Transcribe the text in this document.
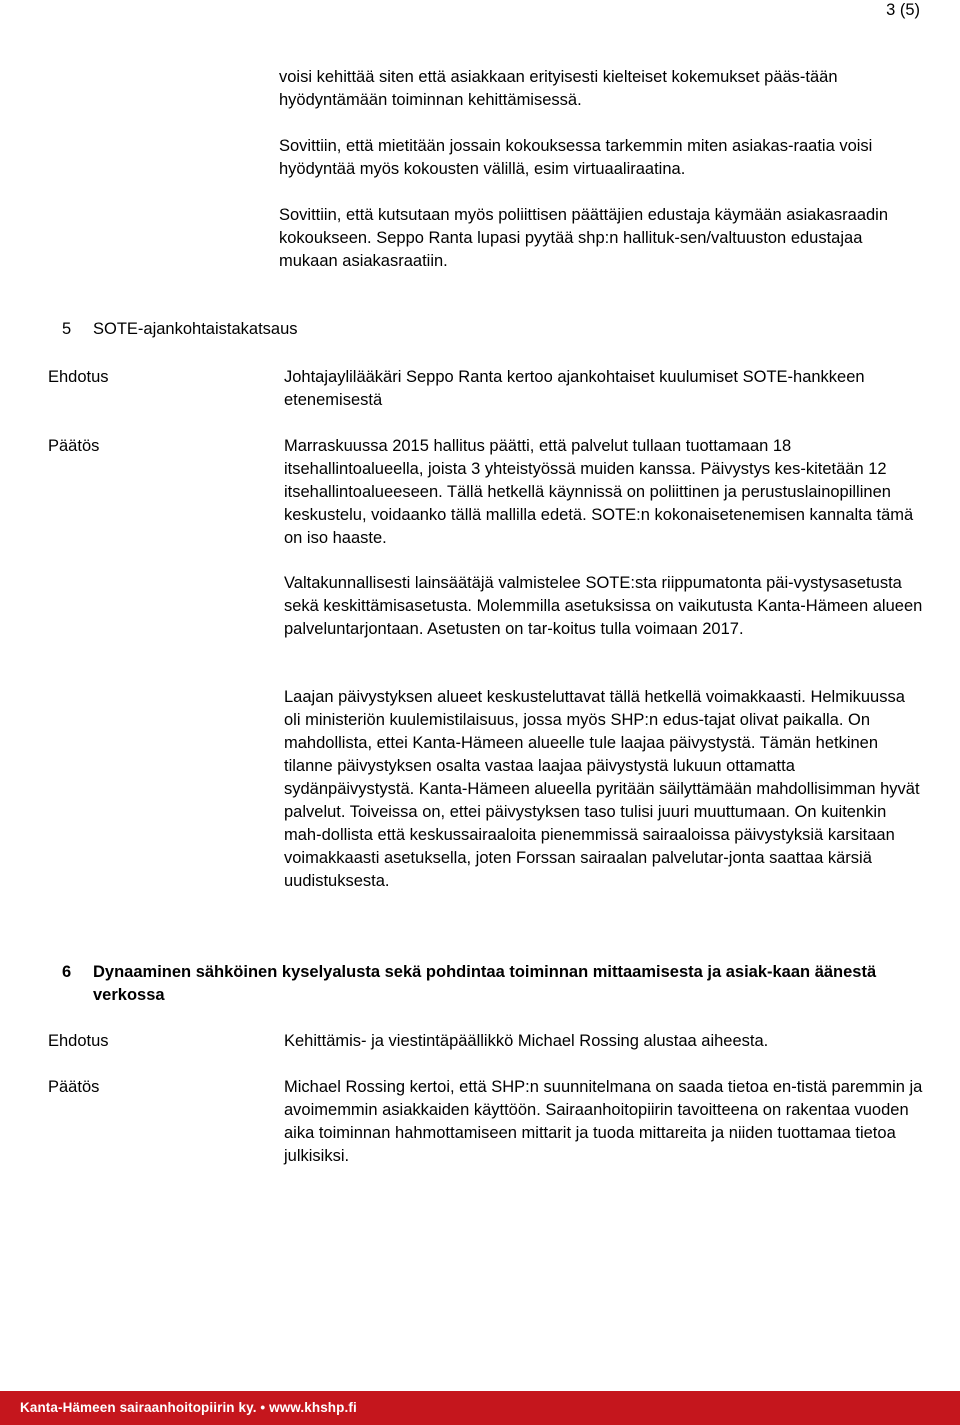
3 (5)

voisi kehittää siten että asiakkaan erityisesti kielteiset kokemukset pääs-tään hyödyntämään toiminnan kehittämisessä.

Sovittiin, että mietitään jossain kokouksessa tarkemmin miten asiakas-raatia voisi hyödyntää myös kokousten välillä, esim virtuaaliraatina.

Sovittiin, että kutsutaan myös poliittisen päättäjien edustaja käymään asiakasraadin kokoukseen. Seppo Ranta lupasi pyytää shp:n hallituk-sen/valtuuston edustajaa mukaan asiakasraatiin.

5 SOTE-ajankohtaistakatsaus
Ehdotus	Johtajaylilääkäri Seppo Ranta kertoo ajankohtaiset kuulumiset SOTE-hankkeen etenemisestä

Päätös	Marraskuussa 2015 hallitus päätti, että palvelut tullaan tuottamaan 18 itsehallintoalueella, joista 3 yhteistyössä muiden kanssa. Päivystys kes-kitetään 12 itsehallintoalueeseen. Tällä hetkellä käynnissä on poliittinen ja perustuslainopillinen keskustelu, voidaanko tällä mallilla edetä. SOTE:n kokonaisetenemisen kannalta tämä on iso haaste.

Valtakunnallisesti lainsäätäjä valmistelee SOTE:sta riippumatonta päi-vystysasetusta sekä keskittämisasetusta. Molemmilla asetuksissa on vaikutusta Kanta-Hämeen alueen palveluntarjontaan. Asetusten on tar-koitus tulla voimaan 2017.

Laajan päivystyksen alueet keskusteluttavat tällä hetkellä voimakkaasti. Helmikuussa oli ministeriön kuulemistilaisuus, jossa myös SHP:n edus-tajat olivat paikalla. On mahdollista, ettei Kanta-Hämeen alueelle tule laajaa päivystystä. Tämän hetkinen tilanne päivystyksen osalta vastaa laajaa päivystystä lukuun ottamatta sydänpäivystystä. Kanta-Hämeen alueella pyritään säilyttämään mahdollisimman hyvät palvelut. Toiveissa on, ettei päivystyksen taso tulisi juuri muuttumaan. On kuitenkin mah-dollista että keskussairaaloita pienemmissä sairaaloissa päivystyksiä karsitaan voimakkaasti asetuksella, joten Forssan sairaalan palvelutar-jonta saattaa kärsiä uudistuksesta.

6 Dynaaminen sähköinen kyselyalusta sekä pohdintaa toiminnan mittaamisesta ja asiak-kaan äänestä verkossa
Ehdotus	Kehittämis- ja viestintäpäällikkö Michael Rossing alustaa aiheesta.

Päätös	Michael Rossing kertoi, että SHP:n suunnitelmana on saada tietoa en-tistä paremmin ja avoimemmin asiakkaiden käyttöön. Sairaanhoitopiirin tavoitteena on rakentaa vuoden aika toiminnan hahmottamiseen mittarit ja tuoda mittareita ja niiden tuottamaa tietoa julkisiksi.

Kanta-Hämeen sairaanhoitopiirin ky. • www.khshp.fi
